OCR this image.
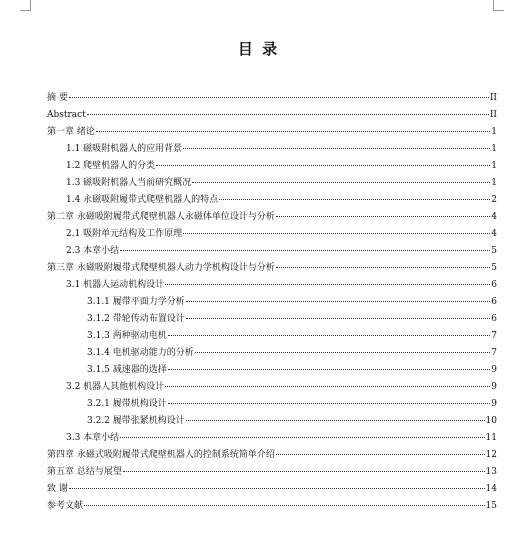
目 录
摘 要	II
Abstract	II
第一章 绪论	1
1.1 磁吸附机器人的应用背景	1
1.2 爬壁机器人的分类	1
1.3 磁吸附机器人当前研究概况	1
1.4 永磁吸附履带式爬壁机器人的特点	2
第二章 永磁吸附履带式爬壁机器人永磁体单位设计与分析	4
2.1 吸附单元结构及工作原理	4
2.3 本章小结	5
第三章 永磁吸附履带式爬壁机器人动力学机构设计与分析	5
3.1 机器人运动机构设计	6
3.1.1 履带平面力学分析	6
3.1.2 带轮传动布置设计	6
3.1.3 两种驱动电机	7
3.1.4 电机驱动能力的分析	7
3.1.5 减速器的选择	9
3.2 机器人其他机构设计	9
3.2.1 履带机构设计	9
3.2.2 履带张紧机构设计	10
3.3 本章小结	11
第四章 永磁式吸附履带式爬壁机器人的控制系统简单介绍	12
第五章 总结与展望	13
致 谢	14
参考文献	15
